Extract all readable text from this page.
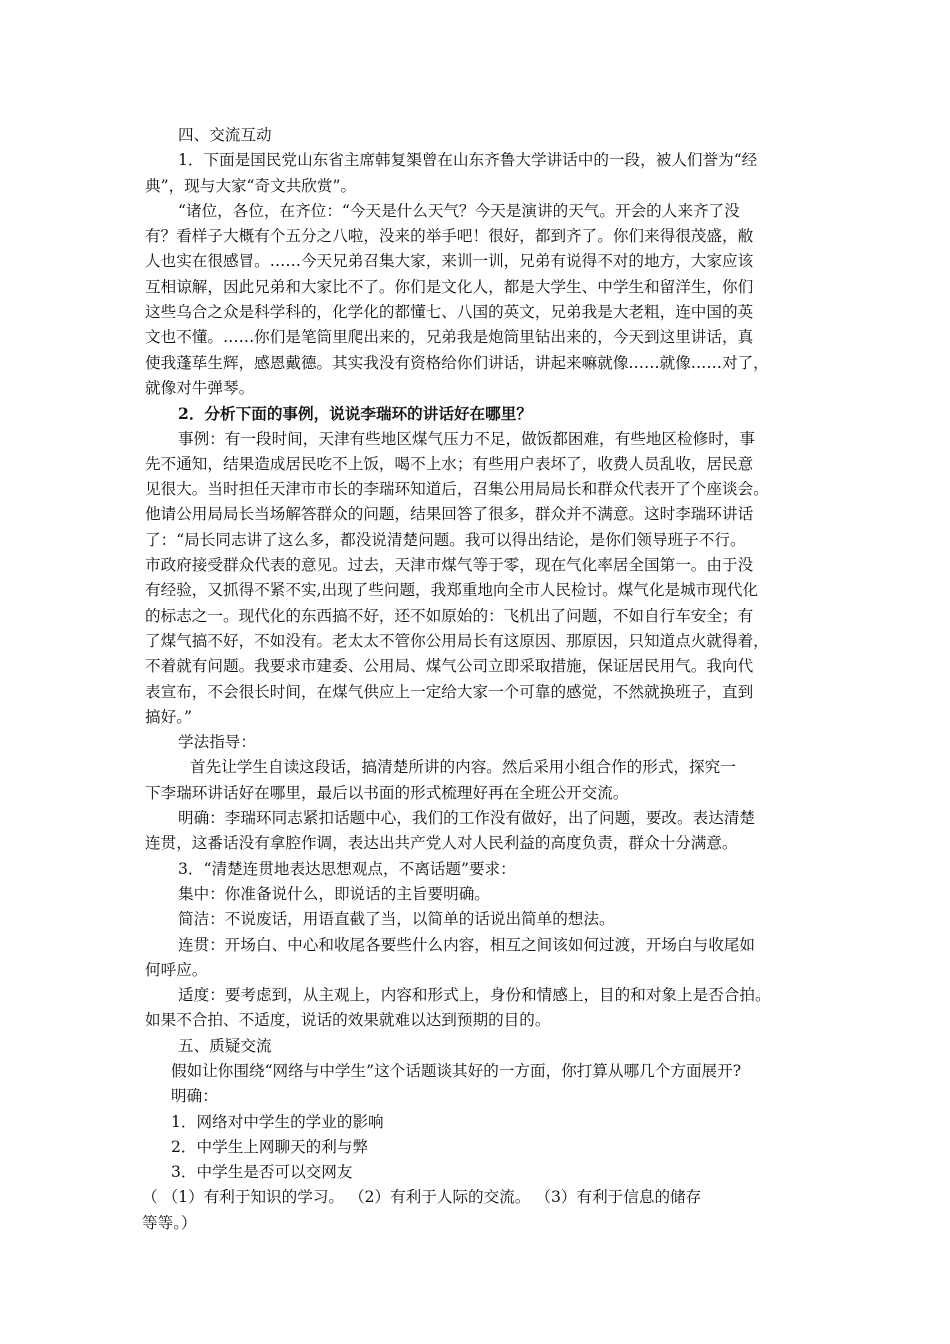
四、交流互动

1．下面是国民党山东省主席韩复榘曾在山东齐鲁大学讲话中的一段，被人们誉为“经

典”，现与大家“奇文共欣赏”。

“诸位，各位，在齐位：“今天是什么天气？今天是演讲的天气。开会的人来齐了没

有？看样子大概有个五分之八啦，没来的举手吧！很好，都到齐了。你们来得很茂盛，敝

人也实在很感冒。……今天兄弟召集大家，来训一训，兄弟有说得不对的地方，大家应该

互相谅解，因此兄弟和大家比不了。你们是文化人，都是大学生、中学生和留洋生，你们

这些乌合之众是科学科的，化学化的都懂七、八国的英文，兄弟我是大老粗，连中国的英

文也不懂。……你们是笔筒里爬出来的，兄弟我是炮筒里钻出来的，今天到这里讲话，真

使我蓬荜生辉，感恩戴德。其实我没有资格给你们讲话，讲起来嘛就像……就像……对了，

就像对牛弹琴。

2．分析下面的事例，说说李瑞环的讲话好在哪里？

事例：有一段时间，天津有些地区煤气压力不足，做饭都困难，有些地区检修时，事

先不通知，结果造成居民吃不上饭，喝不上水；有些用户表坏了，收费人员乱收，居民意

见很大。当时担任天津市市长的李瑞环知道后，召集公用局局长和群众代表开了个座谈会。

他请公用局局长当场解答群众的问题，结果回答了很多，群众并不满意。这时李瑞环讲话

了：“局长同志讲了这么多，都没说清楚问题。我可以得出结论，是你们领导班子不行。

市政府接受群众代表的意见。过去，天津市煤气等于零，现在气化率居全国第一。由于没

有经验，又抓得不紧不实,出现了些问题，我郑重地向全市人民检讨。煤气化是城市现代化

的标志之一。现代化的东西搞不好，还不如原始的：飞机出了问题，不如自行车安全；有

了煤气搞不好，不如没有。老太太不管你公用局长有这原因、那原因，只知道点火就得着，

不着就有问题。我要求市建委、公用局、煤气公司立即采取措施，保证居民用气。我向代

表宣布，不会很长时间，在煤气供应上一定给大家一个可靠的感觉，不然就换班子，直到

搞好。”

学法指导：

首先让学生自读这段话，搞清楚所讲的内容。然后采用小组合作的形式，探究一

下李瑞环讲话好在哪里，最后以书面的形式梳理好再在全班公开交流。

明确：李瑞环同志紧扣话题中心，我们的工作没有做好，出了问题，要改。表达清楚

连贯，这番话没有拿腔作调，表达出共产党人对人民利益的高度负责，群众十分满意。

3．“清楚连贯地表达思想观点，不离话题”要求：

集中：你准备说什么，即说话的主旨要明确。

简洁：不说废话，用语直截了当，以简单的话说出简单的想法。

连贯：开场白、中心和收尾各要些什么内容，相互之间该如何过渡，开场白与收尾如

何呼应。

适度：要考虑到，从主观上，内容和形式上，身份和情感上，目的和对象上是否合拍。

如果不合拍、不适度，说话的效果就难以达到预期的目的。

五、质疑交流

假如让你围绕“网络与中学生”这个话题谈其好的一方面，你打算从哪几个方面展开?

明确：

1．网络对中学生的学业的影响

2．中学生上网聊天的利与弊

3．中学生是否可以交网友

（ （1）有利于知识的学习。 （2）有利于人际的交流。 （3）有利于信息的储存

等等。）
